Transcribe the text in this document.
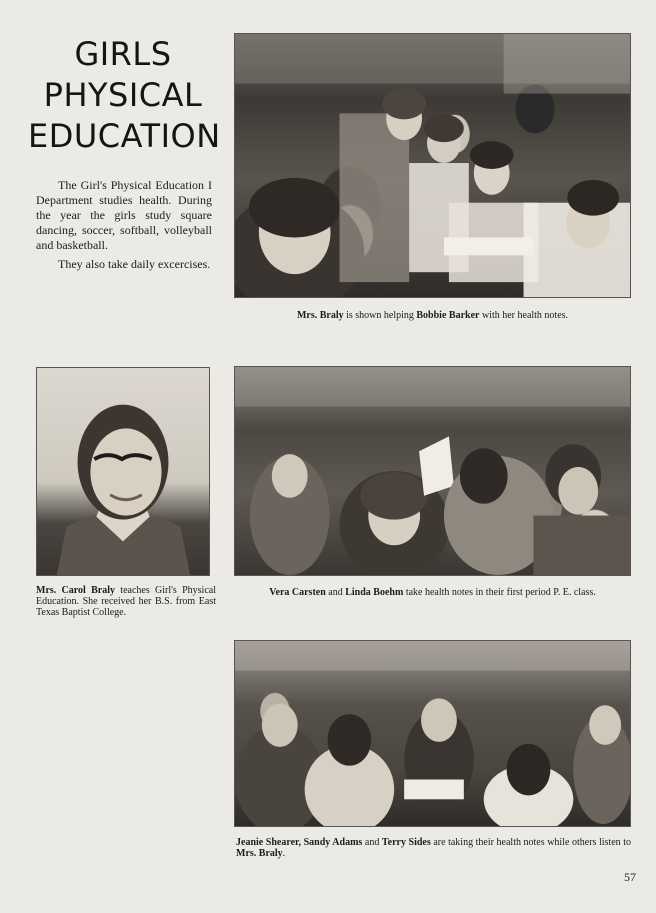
GIRLS
PHYSICAL
EDUCATION

The Girl's Physical Education I Department studies health. During the year the girls study square dancing, soccer, softball, volleyball and basketball.

They also take daily excercises.

Mrs. Braly is shown helping Bobbie Barker with her health notes.
Mrs. Carol Braly teaches Girl's Physical Education. She received her B.S. from East Texas Baptist College.
Vera Carsten and Linda Boehm take health notes in their first period P. E. class.
Jeanie Shearer, Sandy Adams and Terry Sides are taking their health notes while others listen to Mrs. Braly.
57
